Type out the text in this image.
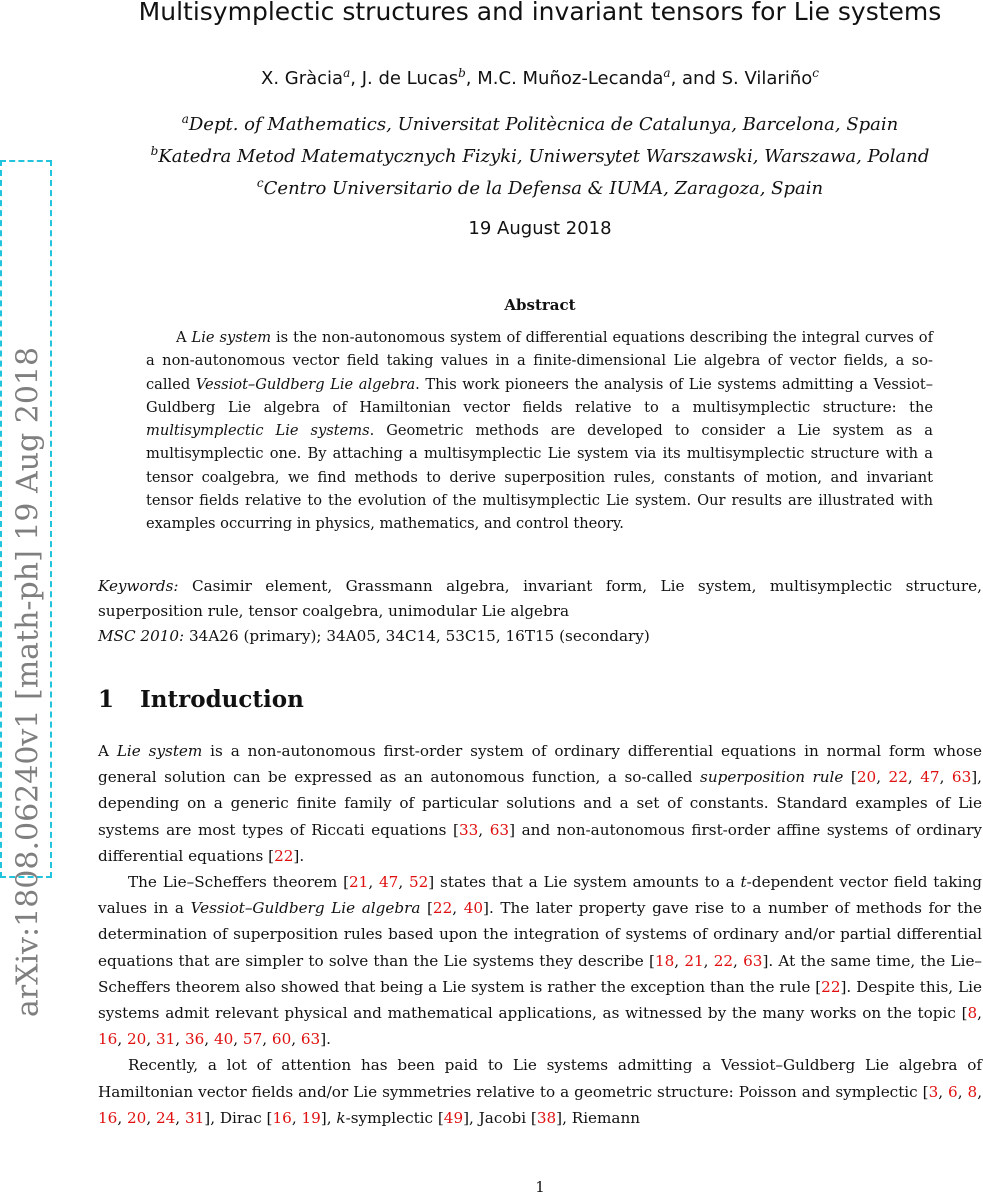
arXiv:1808.06240v1 [math-ph] 19 Aug 2018
Multisymplectic structures and invariant tensors for Lie systems
X. Gràcia$^a$, J. de Lucas$^b$, M.C. Muñoz-Lecanda$^a$, and S. Vilariño$^c$
$^a$Dept. of Mathematics, Universitat Politècnica de Catalunya, Barcelona, Spain
$^b$Katedra Metod Matematycznych Fizyki, Uniwersytet Warszawski, Warszawa, Poland
$^c$Centro Universitario de la Defensa & IUMA, Zaragoza, Spain
19 August 2018
Abstract

A Lie system is the non-autonomous system of differential equations describing the integral curves of a non-autonomous vector field taking values in a finite-dimensional Lie algebra of vector fields, a so-called Vessiot–Guldberg Lie algebra. This work pioneers the analysis of Lie systems admitting a Vessiot–Guldberg Lie algebra of Hamiltonian vector fields relative to a multisymplectic structure: the multisymplectic Lie systems. Geometric methods are developed to consider a Lie system as a multisymplectic one. By attaching a multisymplectic Lie system via its multisymplectic structure with a tensor coalgebra, we find methods to derive superposition rules, constants of motion, and invariant tensor fields relative to the evolution of the multisymplectic Lie system. Our results are illustrated with examples occurring in physics, mathematics, and control theory.

Keywords: Casimir element, Grassmann algebra, invariant form, Lie system, multisymplectic structure, superposition rule, tensor coalgebra, unimodular Lie algebra

MSC 2010: 34A26 (primary); 34A05, 34C14, 53C15, 16T15 (secondary)

1 Introduction

A Lie system is a non-autonomous first-order system of ordinary differential equations in normal form whose general solution can be expressed as an autonomous function, a so-called superposition rule [20, 22, 47, 63], depending on a generic finite family of particular solutions and a set of constants. Standard examples of Lie systems are most types of Riccati equations [33, 63] and non-autonomous first-order affine systems of ordinary differential equations [22].

The Lie–Scheffers theorem [21, 47, 52] states that a Lie system amounts to a t-dependent vector field taking values in a Vessiot–Guldberg Lie algebra [22, 40]. The later property gave rise to a number of methods for the determination of superposition rules based upon the integration of systems of ordinary and/or partial differential equations that are simpler to solve than the Lie systems they describe [18, 21, 22, 63]. At the same time, the Lie–Scheffers theorem also showed that being a Lie system is rather the exception than the rule [22]. Despite this, Lie systems admit relevant physical and mathematical applications, as witnessed by the many works on the topic [8, 16, 20, 31, 36, 40, 57, 60, 63].

Recently, a lot of attention has been paid to Lie systems admitting a Vessiot–Guldberg Lie algebra of Hamiltonian vector fields and/or Lie symmetries relative to a geometric structure: Poisson and symplectic [3, 6, 8, 16, 20, 24, 31], Dirac [16, 19], k-symplectic [49], Jacobi [38], Riemann

1
